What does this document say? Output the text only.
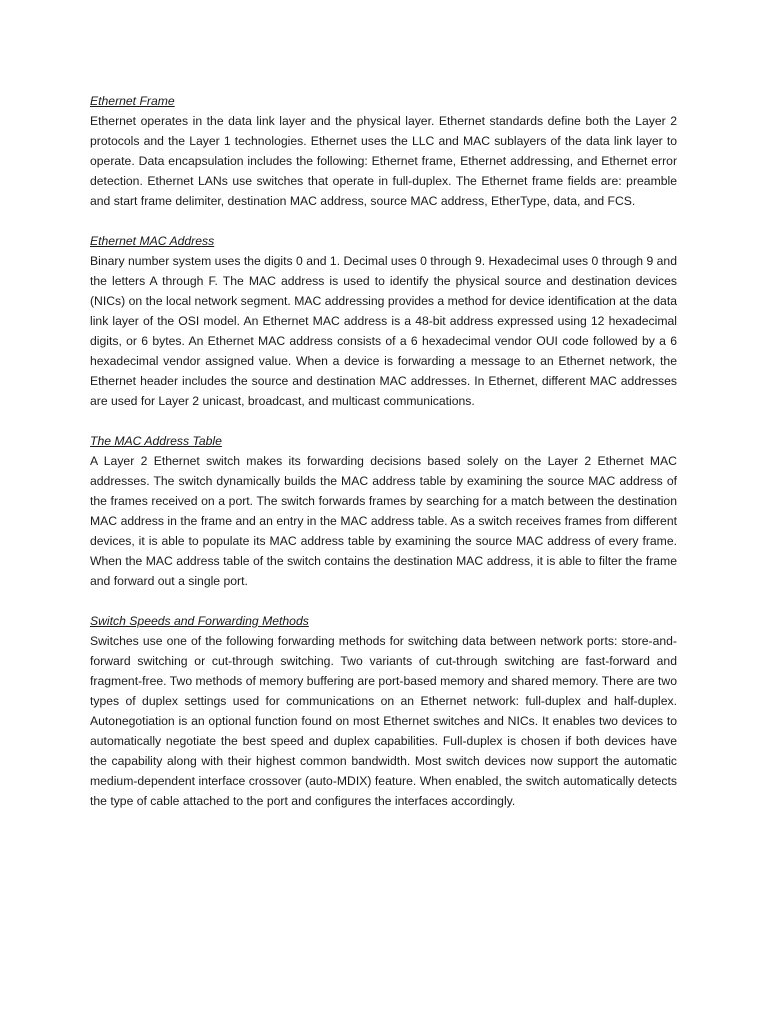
Ethernet Frame

Ethernet operates in the data link layer and the physical layer. Ethernet standards define both the Layer 2 protocols and the Layer 1 technologies. Ethernet uses the LLC and MAC sublayers of the data link layer to operate. Data encapsulation includes the following: Ethernet frame, Ethernet addressing, and Ethernet error detection. Ethernet LANs use switches that operate in full-duplex. The Ethernet frame fields are: preamble and start frame delimiter, destination MAC address, source MAC address, EtherType, data, and FCS.

Ethernet MAC Address

Binary number system uses the digits 0 and 1. Decimal uses 0 through 9. Hexadecimal uses 0 through 9 and the letters A through F. The MAC address is used to identify the physical source and destination devices (NICs) on the local network segment. MAC addressing provides a method for device identification at the data link layer of the OSI model. An Ethernet MAC address is a 48-bit address expressed using 12 hexadecimal digits, or 6 bytes. An Ethernet MAC address consists of a 6 hexadecimal vendor OUI code followed by a 6 hexadecimal vendor assigned value. When a device is forwarding a message to an Ethernet network, the Ethernet header includes the source and destination MAC addresses. In Ethernet, different MAC addresses are used for Layer 2 unicast, broadcast, and multicast communications.

The MAC Address Table

A Layer 2 Ethernet switch makes its forwarding decisions based solely on the Layer 2 Ethernet MAC addresses. The switch dynamically builds the MAC address table by examining the source MAC address of the frames received on a port. The switch forwards frames by searching for a match between the destination MAC address in the frame and an entry in the MAC address table. As a switch receives frames from different devices, it is able to populate its MAC address table by examining the source MAC address of every frame. When the MAC address table of the switch contains the destination MAC address, it is able to filter the frame and forward out a single port.

Switch Speeds and Forwarding Methods

Switches use one of the following forwarding methods for switching data between network ports: store-and-forward switching or cut-through switching. Two variants of cut-through switching are fast-forward and fragment-free. Two methods of memory buffering are port-based memory and shared memory. There are two types of duplex settings used for communications on an Ethernet network: full-duplex and half-duplex. Autonegotiation is an optional function found on most Ethernet switches and NICs. It enables two devices to automatically negotiate the best speed and duplex capabilities. Full-duplex is chosen if both devices have the capability along with their highest common bandwidth. Most switch devices now support the automatic medium-dependent interface crossover (auto-MDIX) feature. When enabled, the switch automatically detects the type of cable attached to the port and configures the interfaces accordingly.
